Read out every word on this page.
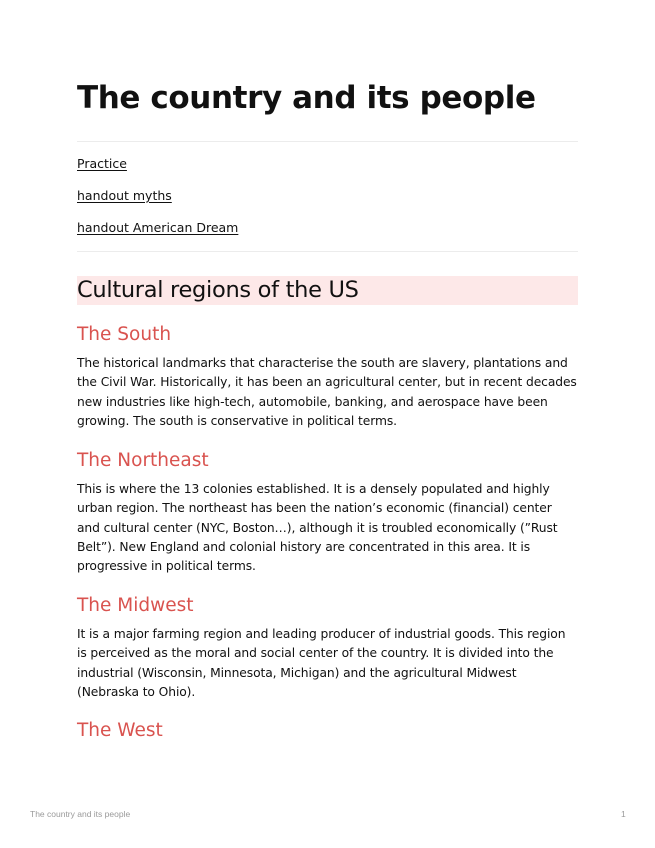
The country and its people
Practice
handout myths
handout American Dream
Cultural regions of the US
The South

The historical landmarks that characterise the south are slavery, plantations and the Civil War. Historically, it has been an agricultural center, but in recent decades new industries like high-tech, automobile, banking, and aerospace have been growing. The south is conservative in political terms.

The Northeast

This is where the 13 colonies established. It is a densely populated and highly urban region. The northeast has been the nation’s economic (financial) center and cultural center (NYC, Boston…), although it is troubled economically (”Rust Belt”). New England and colonial history are concentrated in this area. It is progressive in political terms.

The Midwest

It is a major farming region and leading producer of industrial goods. This region is perceived as the moral and social center of the country. It is divided into the industrial (Wisconsin, Minnesota, Michigan) and the agricultural Midwest (Nebraska to Ohio).

The West
The country and its people	1
